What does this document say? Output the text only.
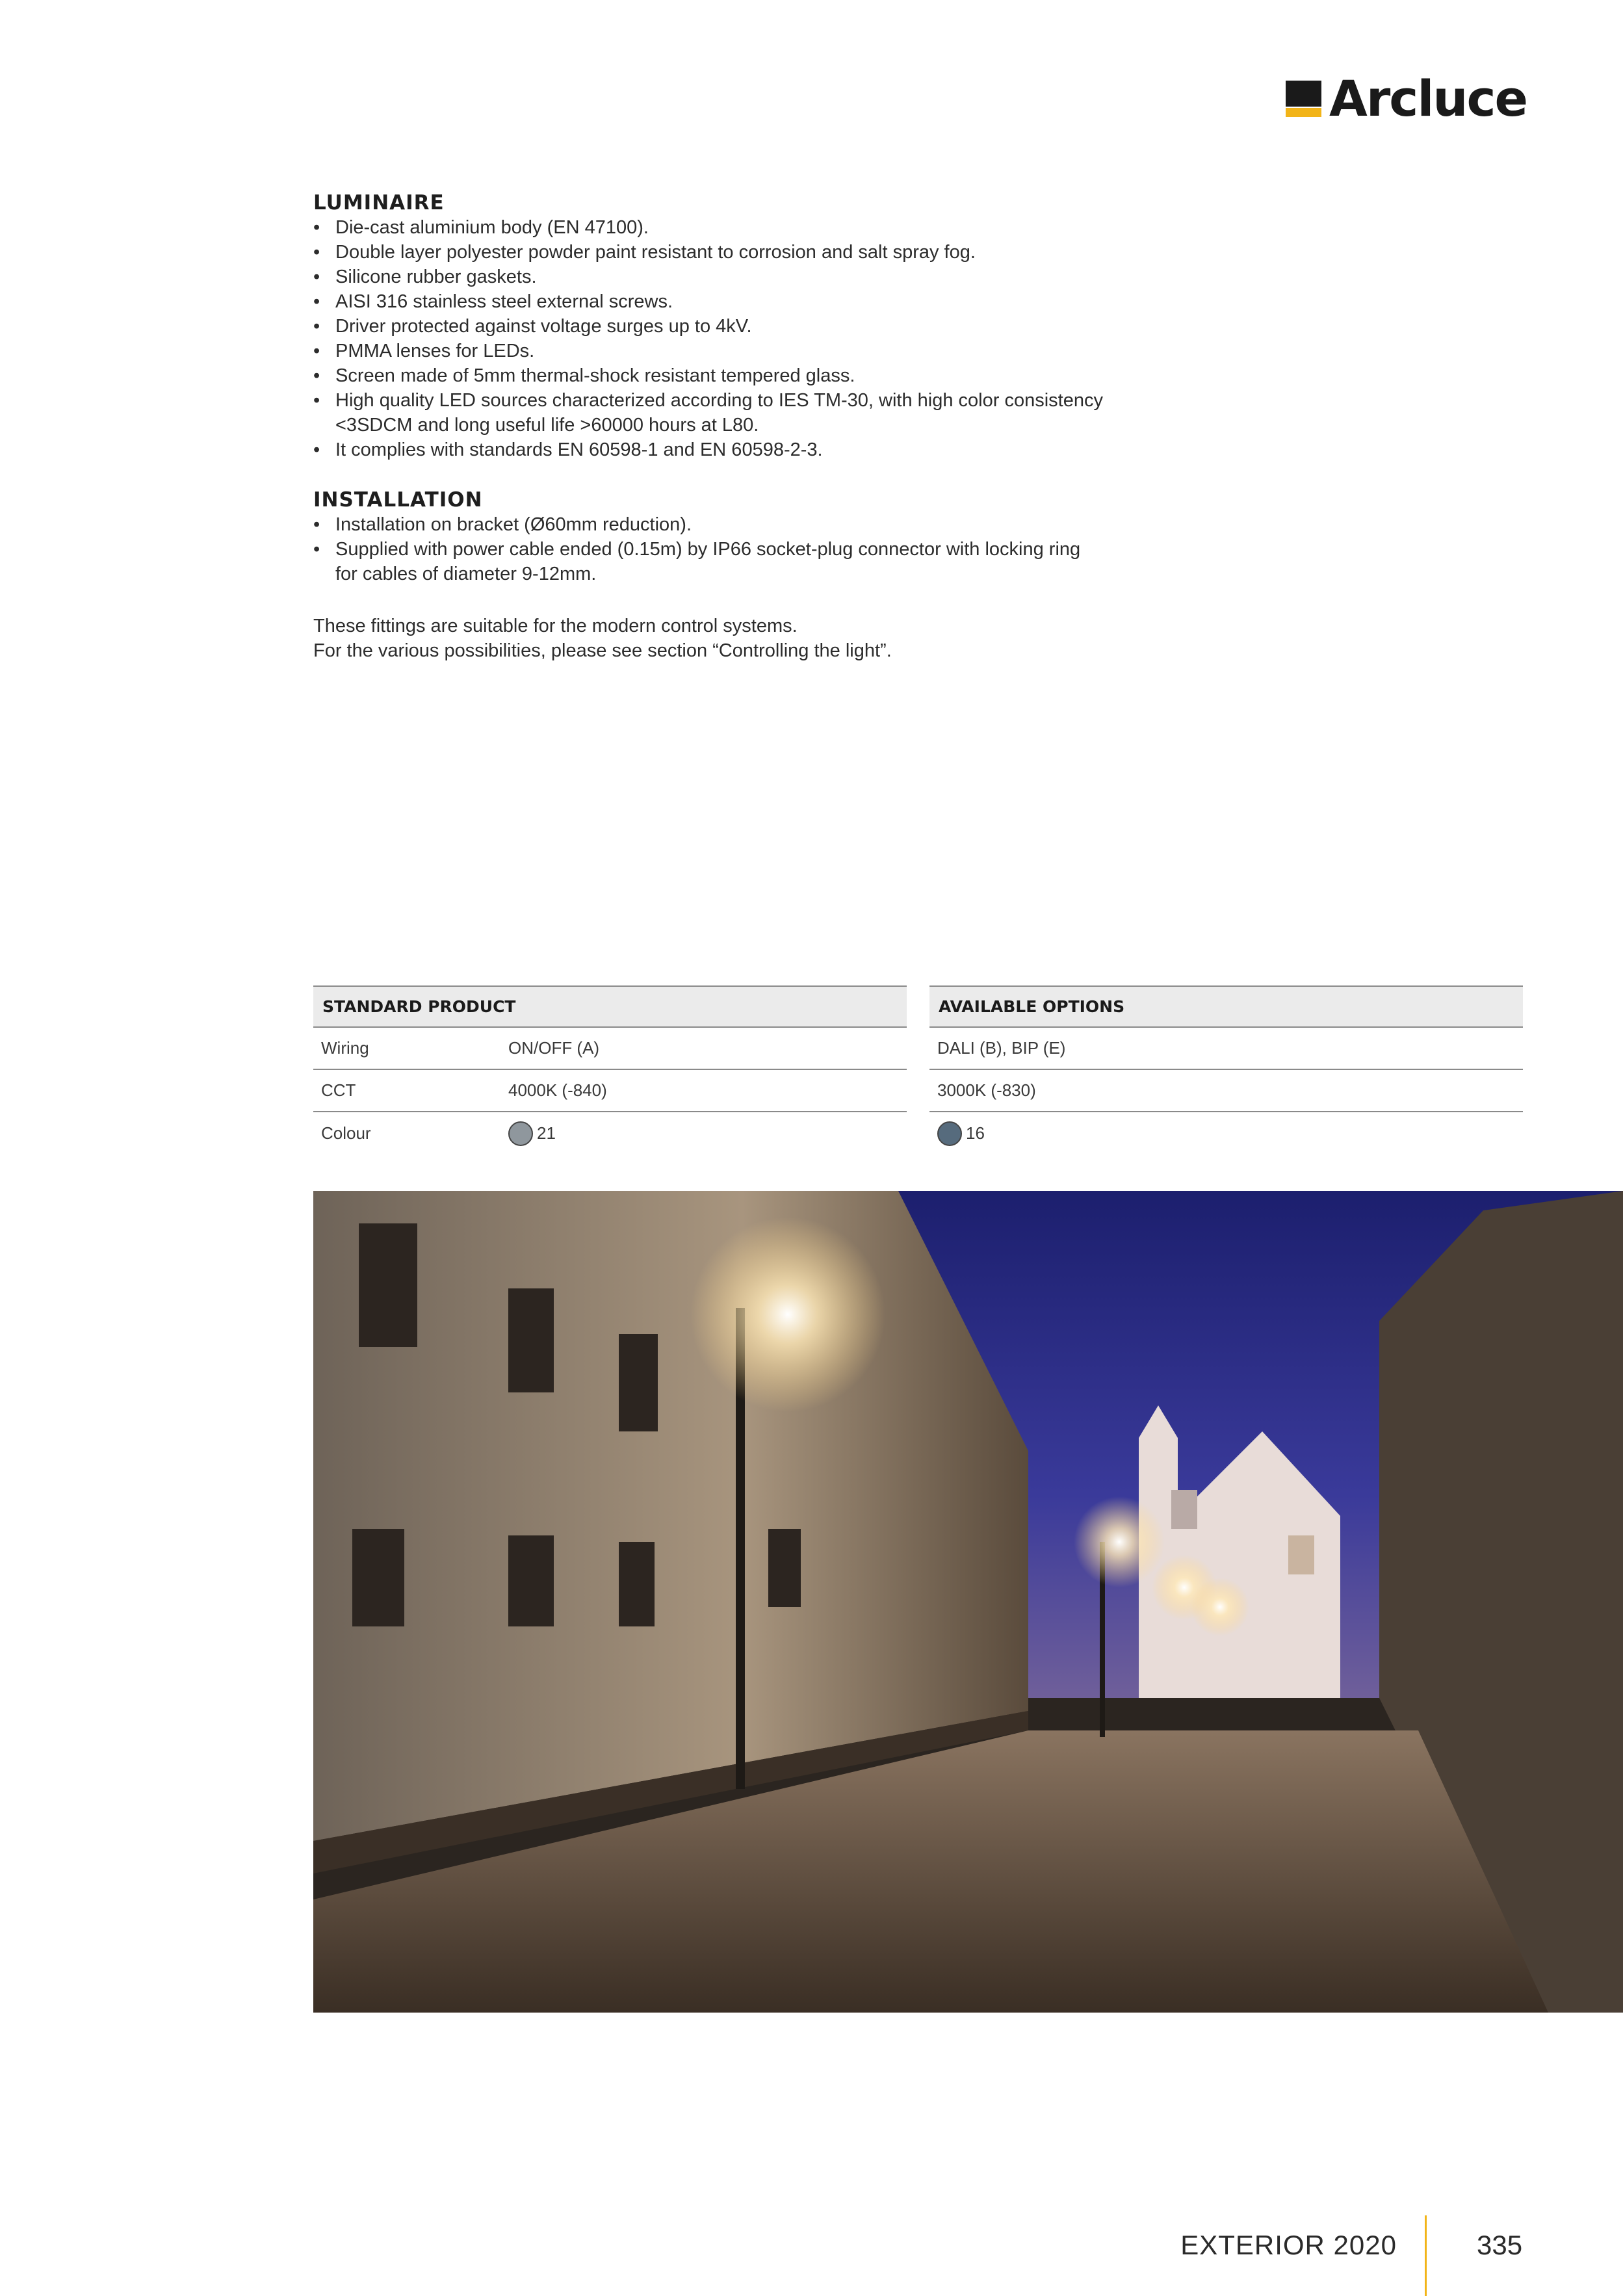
Arcluce
LUMINAIRE
• Die-cast aluminium body (EN 47100).
• Double layer polyester powder paint resistant to corrosion and salt spray fog.
• Silicone rubber gaskets.
• AISI 316 stainless steel external screws.
• Driver protected against voltage surges up to 4kV.
• PMMA lenses for LEDs.
• Screen made of 5mm thermal-shock resistant tempered glass.
• High quality LED sources characterized according to IES TM-30, with high color consistency <3SDCM and long useful life >60000 hours at L80.
• It complies with standards EN 60598-1 and EN 60598-2-3.
INSTALLATION
• Installation on bracket (Ø60mm reduction).
• Supplied with power cable ended (0.15m) by IP66 socket-plug connector with locking ring for cables of diameter 9-12mm.

These fittings are suitable for the modern control systems.

For the various possibilities, please see section “Controlling the light”.

STANDARD PRODUCT
Wiring	ON/OFF (A)
CCT	4000K (-840)
Colour	21
AVAILABLE OPTIONS
DALI (B), BIP (E)
3000K (-830)
16
EXTERIOR 2020	335
